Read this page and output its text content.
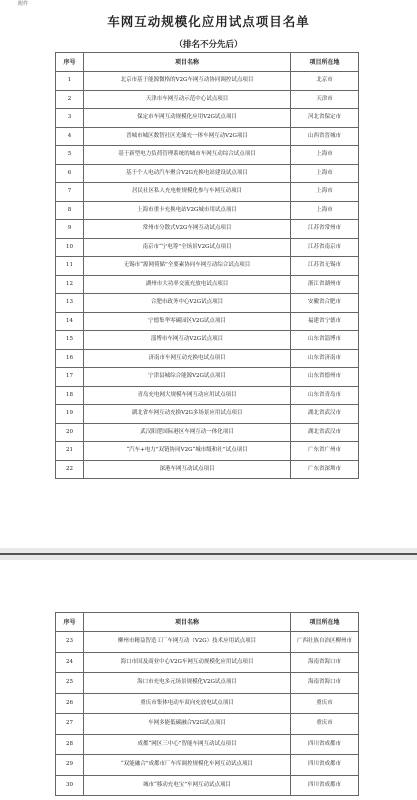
附件
车网互动规模化应用试点项目名单
（排名不分先后）
序号	项目名称	项目所在地
1	北京市基于能源微格的V2G车网互动协同调控试点项目	北京市
2	天津市车网互动示范中心试点项目	天津市
3	保定市车网互动规模化应用V2G试点项目	河北省保定市
4	晋城市城区数智社区光储充一体车网互动V2G项目	山西省晋城市
5	基于新型电力负荷管理系统的城市车网互动综合试点项目	上海市
6	基于个人电动汽车聚合V2G充换电站建设试点项目	上海市
7	居民社区私人充电桩规模化参与车网互动项目	上海市
8	上海市重卡充换电站V2G城市用试点项目	上海市
9	常州市分散式V2G车网互动试点项目	江苏省常州市
10	南京市“宁电筹”全场景V2G试点项目	江苏省南京市
11	无锡市“源网荷储”全要素协同车网互动综合试点项目	江苏省无锡市
12	湖州市大功率交流充放电试点项目	浙江省湖州市
13	合肥市政务中心V2G试点项目	安徽省合肥市
14	宁德集华零碳园区V2G试点项目	福建省宁德市
15	淄博市车网互动V2G试点项目	山东省淄博市
16	济南市车网互动充换电试点项目	山东省济南市
17	宁津县城综合能源V2G试点项目	山东省德州市
18	青岛充电网大规模车网互动应用试点项目	山东省青岛市
19	湖北省车网互动充换V2G多场景应用试点项目	湖北省武汉市
20	武汉阳逻国际港区车网互动一体化项目	湖北省武汉市
21	“汽车+电力”双链协同V2G“城市级和社”试点项目	广东省广州市
22	深港车网互动试点项目	广东省深圳市
序号	项目名称	项目所在地
23	柳州市精益智造工厂车网互动（V2G）技术应用试点项目	广西壮族自治区柳州市
24	海口市国及商业中心V2G车网互动规模化应用试点项目	海南省海口市
25	海口市充电多元场景规模化V2G试点项目	海南省海口市
26	重庆市集体电动车双向充放电试点项目	重庆市
27	车网多能低碳融合V2G试点项目	重庆市
28	成都“网区三中心”智能车网互动试点项目	四川省成都市
29	“双能融合”成都市厂车库调控规模化车网互动试点项目	四川省成都市
30	城市“移动充电宝”车网互动试点项目	四川省成都市
